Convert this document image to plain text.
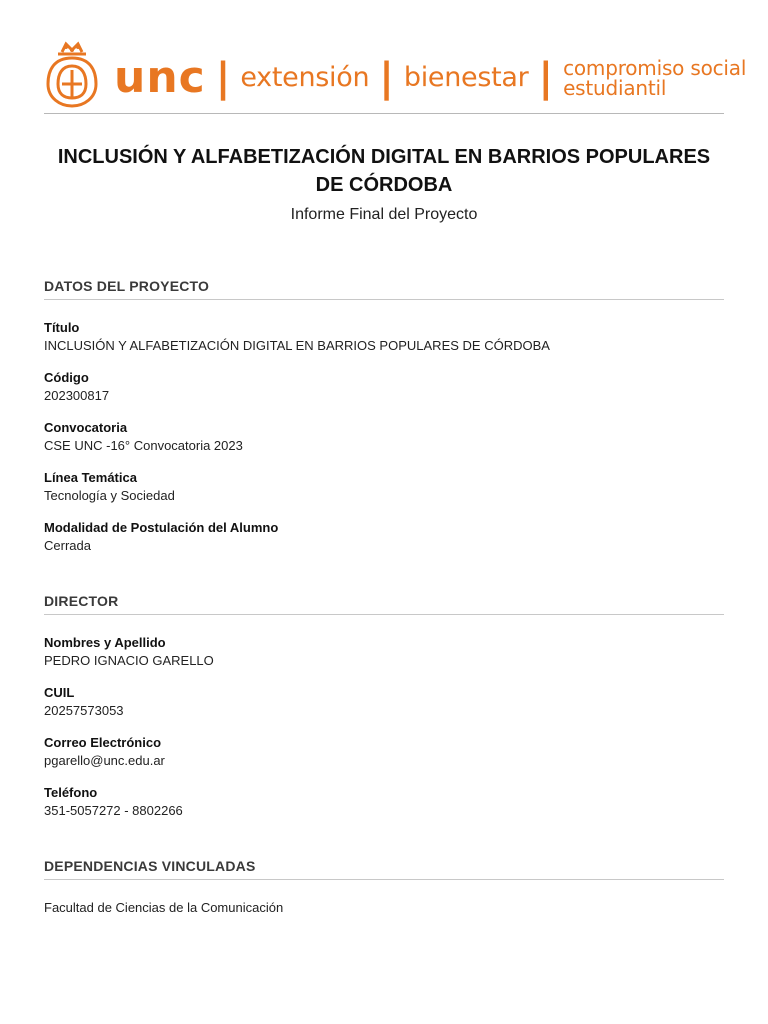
unc | extensión | bienestar | compromiso social
estudiantil
INCLUSIÓN Y ALFABETIZACIÓN DIGITAL EN BARRIOS POPULARES DE CÓRDOBA
Informe Final del Proyecto
DATOS DEL PROYECTO
Título
INCLUSIÓN Y ALFABETIZACIÓN DIGITAL EN BARRIOS POPULARES DE CÓRDOBA
Código
202300817
Convocatoria
CSE UNC -16° Convocatoria 2023
Línea Temática
Tecnología y Sociedad
Modalidad de Postulación del Alumno
Cerrada
DIRECTOR
Nombres y Apellido
PEDRO IGNACIO GARELLO
CUIL
20257573053
Correo Electrónico
pgarello@unc.edu.ar
Teléfono
351-5057272 - 8802266
DEPENDENCIAS VINCULADAS
Facultad de Ciencias de la Comunicación
